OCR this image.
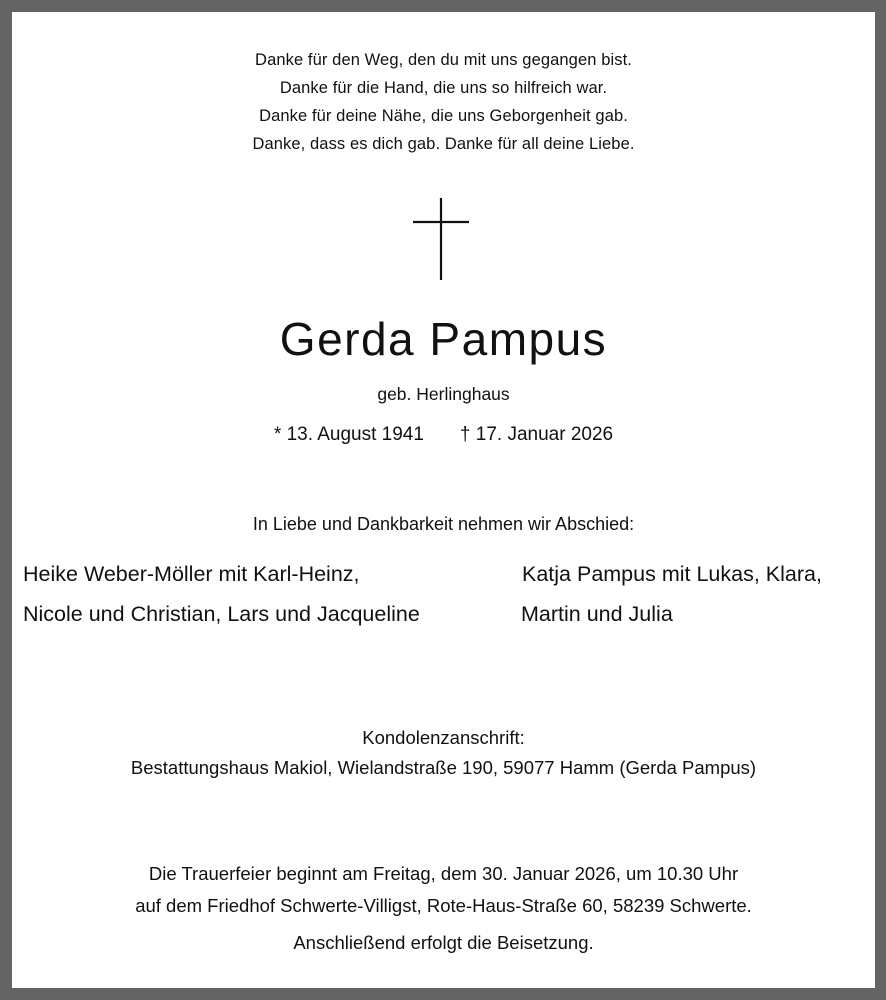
Danke für den Weg, den du mit uns gegangen bist.
Danke für die Hand, die uns so hilfreich war.
Danke für deine Nähe, die uns Geborgenheit gab.
Danke, dass es dich gab. Danke für all deine Liebe.
Gerda Pampus
geb. Herlinghaus
* 13. August 1941 † 17. Januar 2026
In Liebe und Dankbarkeit nehmen wir Abschied:
Heike Weber-Möller mit Karl-Heinz,
Nicole und Christian, Lars und Jacqueline
Katja Pampus mit Lukas, Klara,
Martin und Julia
Kondolenzanschrift:
Bestattungshaus Makiol, Wielandstraße 190, 59077 Hamm (Gerda Pampus)
Die Trauerfeier beginnt am Freitag, dem 30. Januar 2026, um 10.30 Uhr
auf dem Friedhof Schwerte-Villigst, Rote-Haus-Straße 60, 58239 Schwerte.
Anschließend erfolgt die Beisetzung.
